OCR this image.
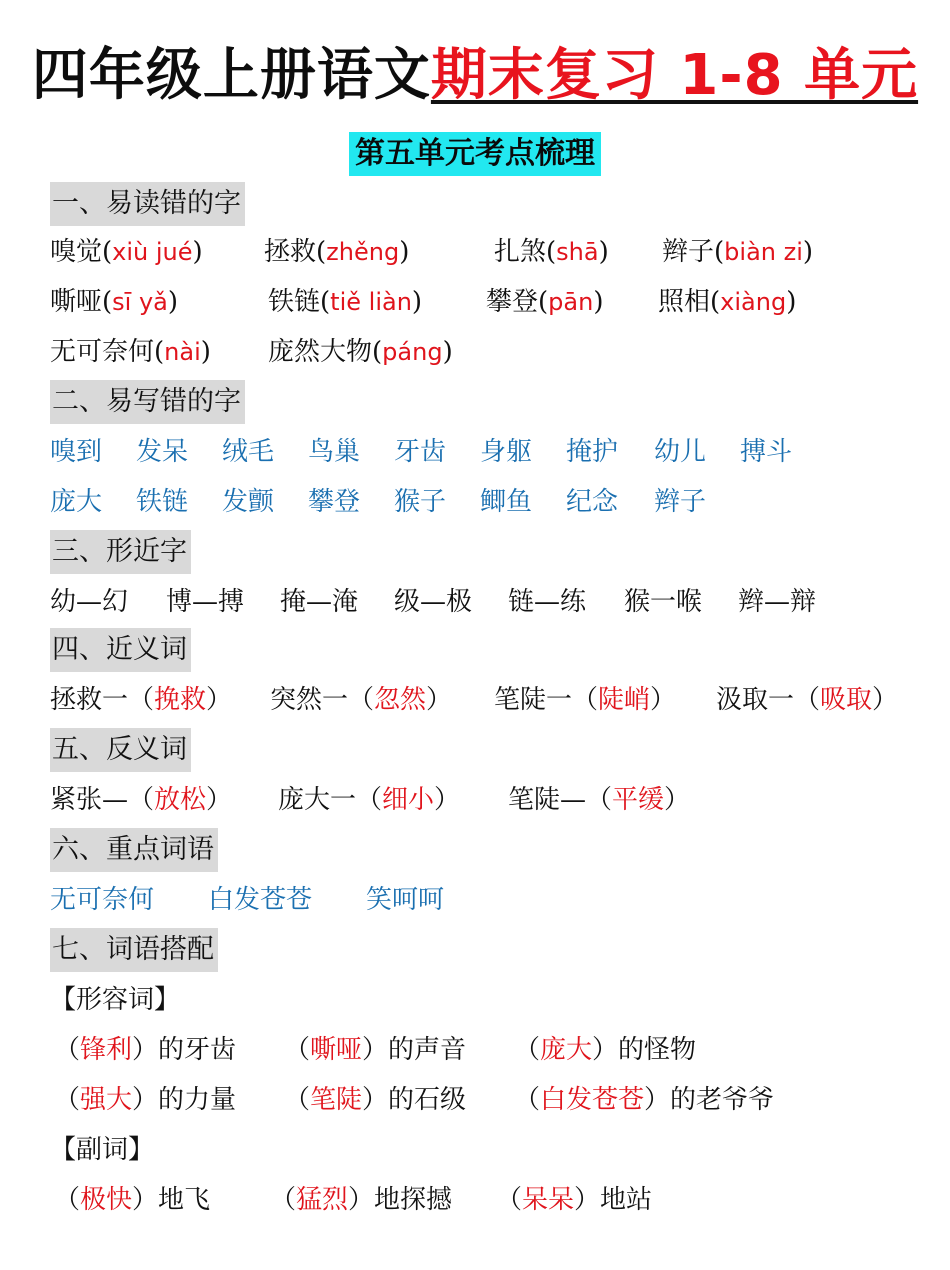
四年级上册语文期末复习 1-8 单元
第五单元考点梳理
一、易读错的字
嗅觉(xiù jué) 拯救(zhěng)	扎煞(shā) 辫子(biàn zi)
嘶哑(sī yǎ)	铁链(tiě liàn) 攀登(pān) 照相(xiàng)
无可奈何(nài) 庞然大物(páng)
二、易写错的字
嗅到 发呆 绒毛 鸟巢 牙齿 身躯 掩护 幼儿 搏斗
庞大 铁链 发颤 攀登 猴子 鲫鱼 纪念 辫子
三、形近字
幼—幻 博—搏 掩—淹 级—极 链—练 猴一喉 辫—辩
四、近义词
拯救一（挽救） 突然一（忽然） 笔陡一（陡峭） 汲取一（吸取）
五、反义词
紧张—（放松） 庞大一（细小） 笔陡—（平缓）
六、重点词语
无可奈何 白发苍苍 笑呵呵
七、词语搭配
【形容词】
（锋利）的牙齿 （嘶哑）的声音 （庞大）的怪物
（强大）的力量 （笔陡）的石级 （白发苍苍）的老爷爷
【副词】
（极快）地飞 （猛烈）地探撼 （呆呆）地站
